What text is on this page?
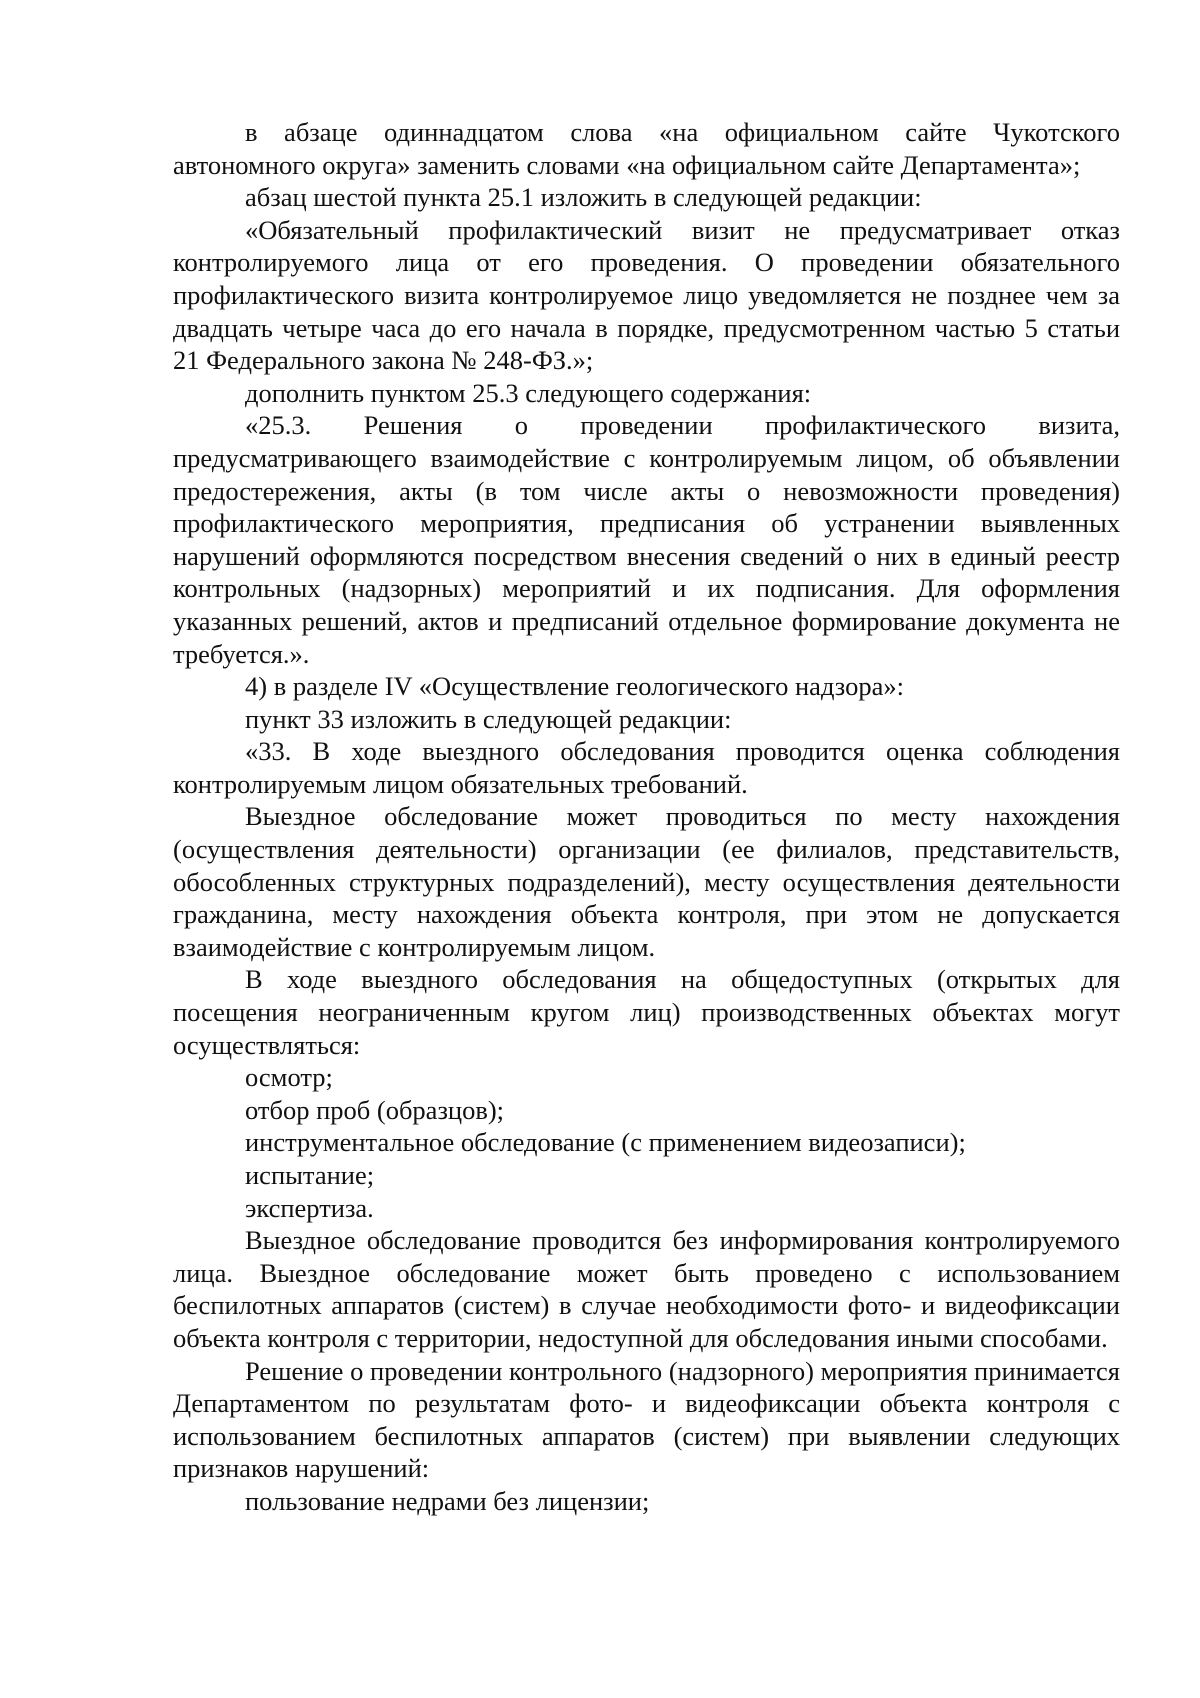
в абзаце одиннадцатом слова «на официальном сайте Чукотского автономного округа» заменить словами «на официальном сайте Департамента»;

абзац шестой пункта 25.1 изложить в следующей редакции:

«Обязательный профилактический визит не предусматривает отказ контролируемого лица от его проведения. О проведении обязательного профилактического визита контролируемое лицо уведомляется не позднее чем за двадцать четыре часа до его начала в порядке, предусмотренном частью 5 статьи 21 Федерального закона № 248-ФЗ.»;

дополнить пунктом 25.3 следующего содержания:

«25.3. Решения о проведении профилактического визита, предусматривающего взаимодействие с контролируемым лицом, об объявлении предостережения, акты (в том числе акты о невозможности проведения) профилактического мероприятия, предписания об устранении выявленных нарушений оформляются посредством внесения сведений о них в единый реестр контрольных (надзорных) мероприятий и их подписания. Для оформления указанных решений, актов и предписаний отдельное формирование документа не требуется.».

4) в разделе IV «Осуществление геологического надзора»:

пункт 33 изложить в следующей редакции:

«33. В ходе выездного обследования проводится оценка соблюдения контролируемым лицом обязательных требований.

Выездное обследование может проводиться по месту нахождения (осуществления деятельности) организации (ее филиалов, представительств, обособленных структурных подразделений), месту осуществления деятельности гражданина, месту нахождения объекта контроля, при этом не допускается взаимодействие с контролируемым лицом.

В ходе выездного обследования на общедоступных (открытых для посещения неограниченным кругом лиц) производственных объектах могут осуществляться:

осмотр;

отбор проб (образцов);

инструментальное обследование (с применением видеозаписи);

испытание;

экспертиза.

Выездное обследование проводится без информирования контролируемого лица. Выездное обследование может быть проведено с использованием беспилотных аппаратов (систем) в случае необходимости фото- и видеофиксации объекта контроля с территории, недоступной для обследования иными способами.

Решение о проведении контрольного (надзорного) мероприятия принимается Департаментом по результатам фото- и видеофиксации объекта контроля с использованием беспилотных аппаратов (систем) при выявлении следующих признаков нарушений:

пользование недрами без лицензии;
